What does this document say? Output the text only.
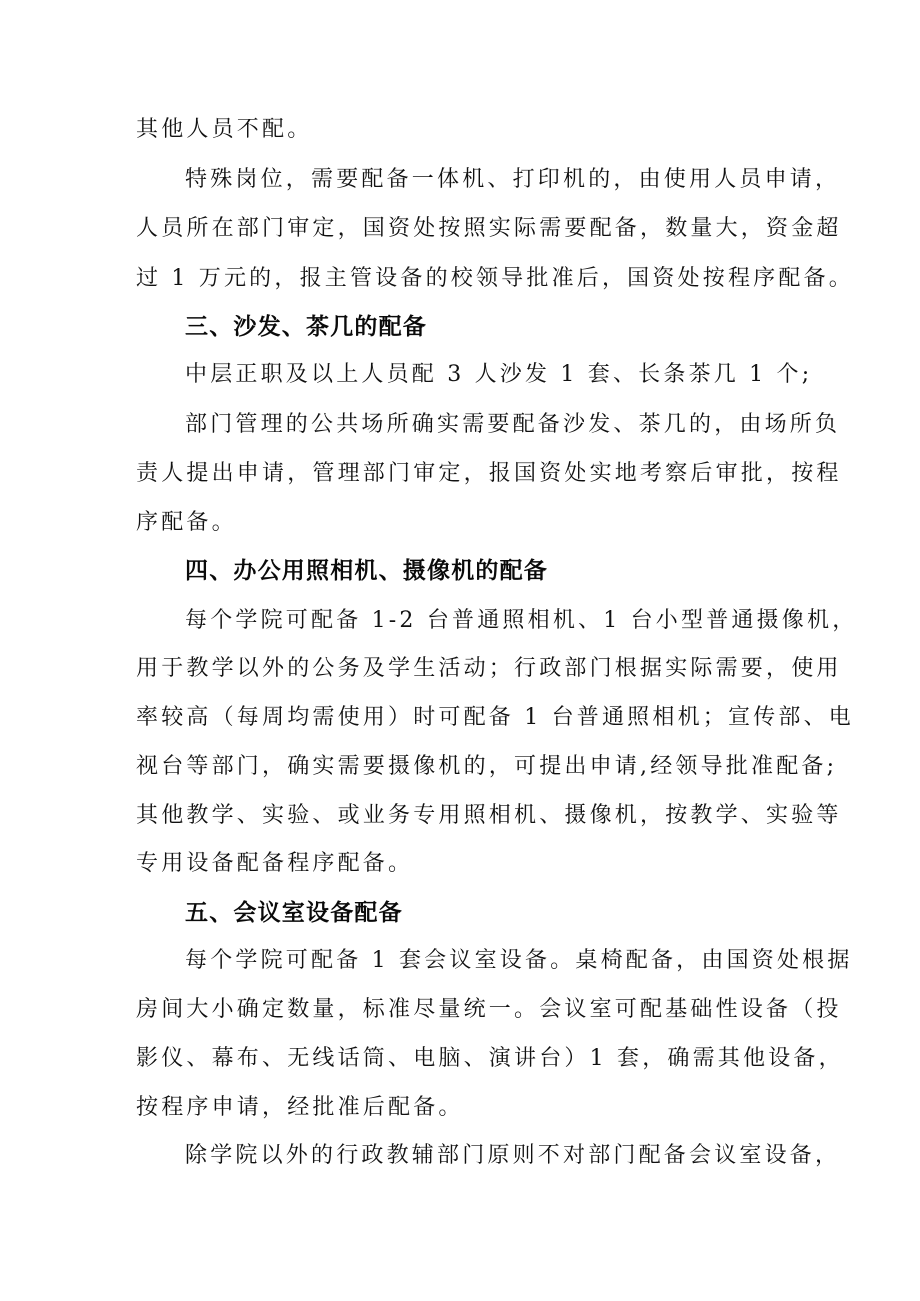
其他人员不配。
特殊岗位，需要配备一体机、打印机的，由使用人员申请，
人员所在部门审定，国资处按照实际需要配备，数量大，资金超
过 1 万元的，报主管设备的校领导批准后，国资处按程序配备。
三、沙发、茶几的配备
中层正职及以上人员配 3 人沙发 1 套、长条茶几 1 个;
部门管理的公共场所确实需要配备沙发、茶几的，由场所负
责人提出申请，管理部门审定，报国资处实地考察后审批，按程
序配备。
四、办公用照相机、摄像机的配备
每个学院可配备 1-2 台普通照相机、1 台小型普通摄像机，
用于教学以外的公务及学生活动；行政部门根据实际需要，使用
率较高（每周均需使用）时可配备 1 台普通照相机；宣传部、电
视台等部门，确实需要摄像机的，可提出申请,经领导批准配备;
其他教学、实验、或业务专用照相机、摄像机，按教学、实验等
专用设备配备程序配备。
五、会议室设备配备
每个学院可配备 1 套会议室设备。桌椅配备，由国资处根据
房间大小确定数量，标准尽量统一。会议室可配基础性设备（投
影仪、幕布、无线话筒、电脑、演讲台）1 套，确需其他设备，
按程序申请，经批准后配备。
除学院以外的行政教辅部门原则不对部门配备会议室设备，
